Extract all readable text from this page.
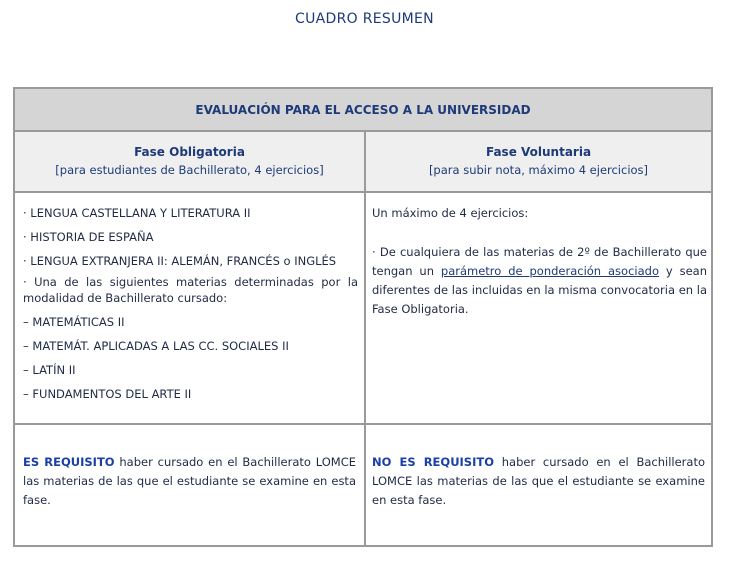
CUADRO RESUMEN
EVALUACIÓN PARA EL ACCESO A LA UNIVERSIDAD
Fase Obligatoria
[para estudiantes de Bachillerato, 4 ejercicios]
Fase Voluntaria
[para subir nota, máximo 4 ejercicios]

· LENGUA CASTELLANA Y LITERATURA II

· HISTORIA DE ESPAÑA

· LENGUA EXTRANJERA II: ALEMÁN, FRANCÉS o INGLÉS

· Una de las siguientes materias determinadas por la modalidad de Bachillerato cursado:

– MATEMÁTICAS II

– MATEMÁT. APLICADAS A LAS CC. SOCIALES II

– LATÍN II

– FUNDAMENTOS DEL ARTE II

Un máximo de 4 ejercicios:

· De cualquiera de las materias de 2º de Bachillerato que tengan un parámetro de ponderación asociado y sean diferentes de las incluidas en la misma convocatoria en la Fase Obligatoria.

ES REQUISITO haber cursado en el Bachillerato LOMCE las materias de las que el estudiante se examine en esta fase.
NO ES REQUISITO haber cursado en el Bachillerato LOMCE las materias de las que el estudiante se examine en esta fase.
